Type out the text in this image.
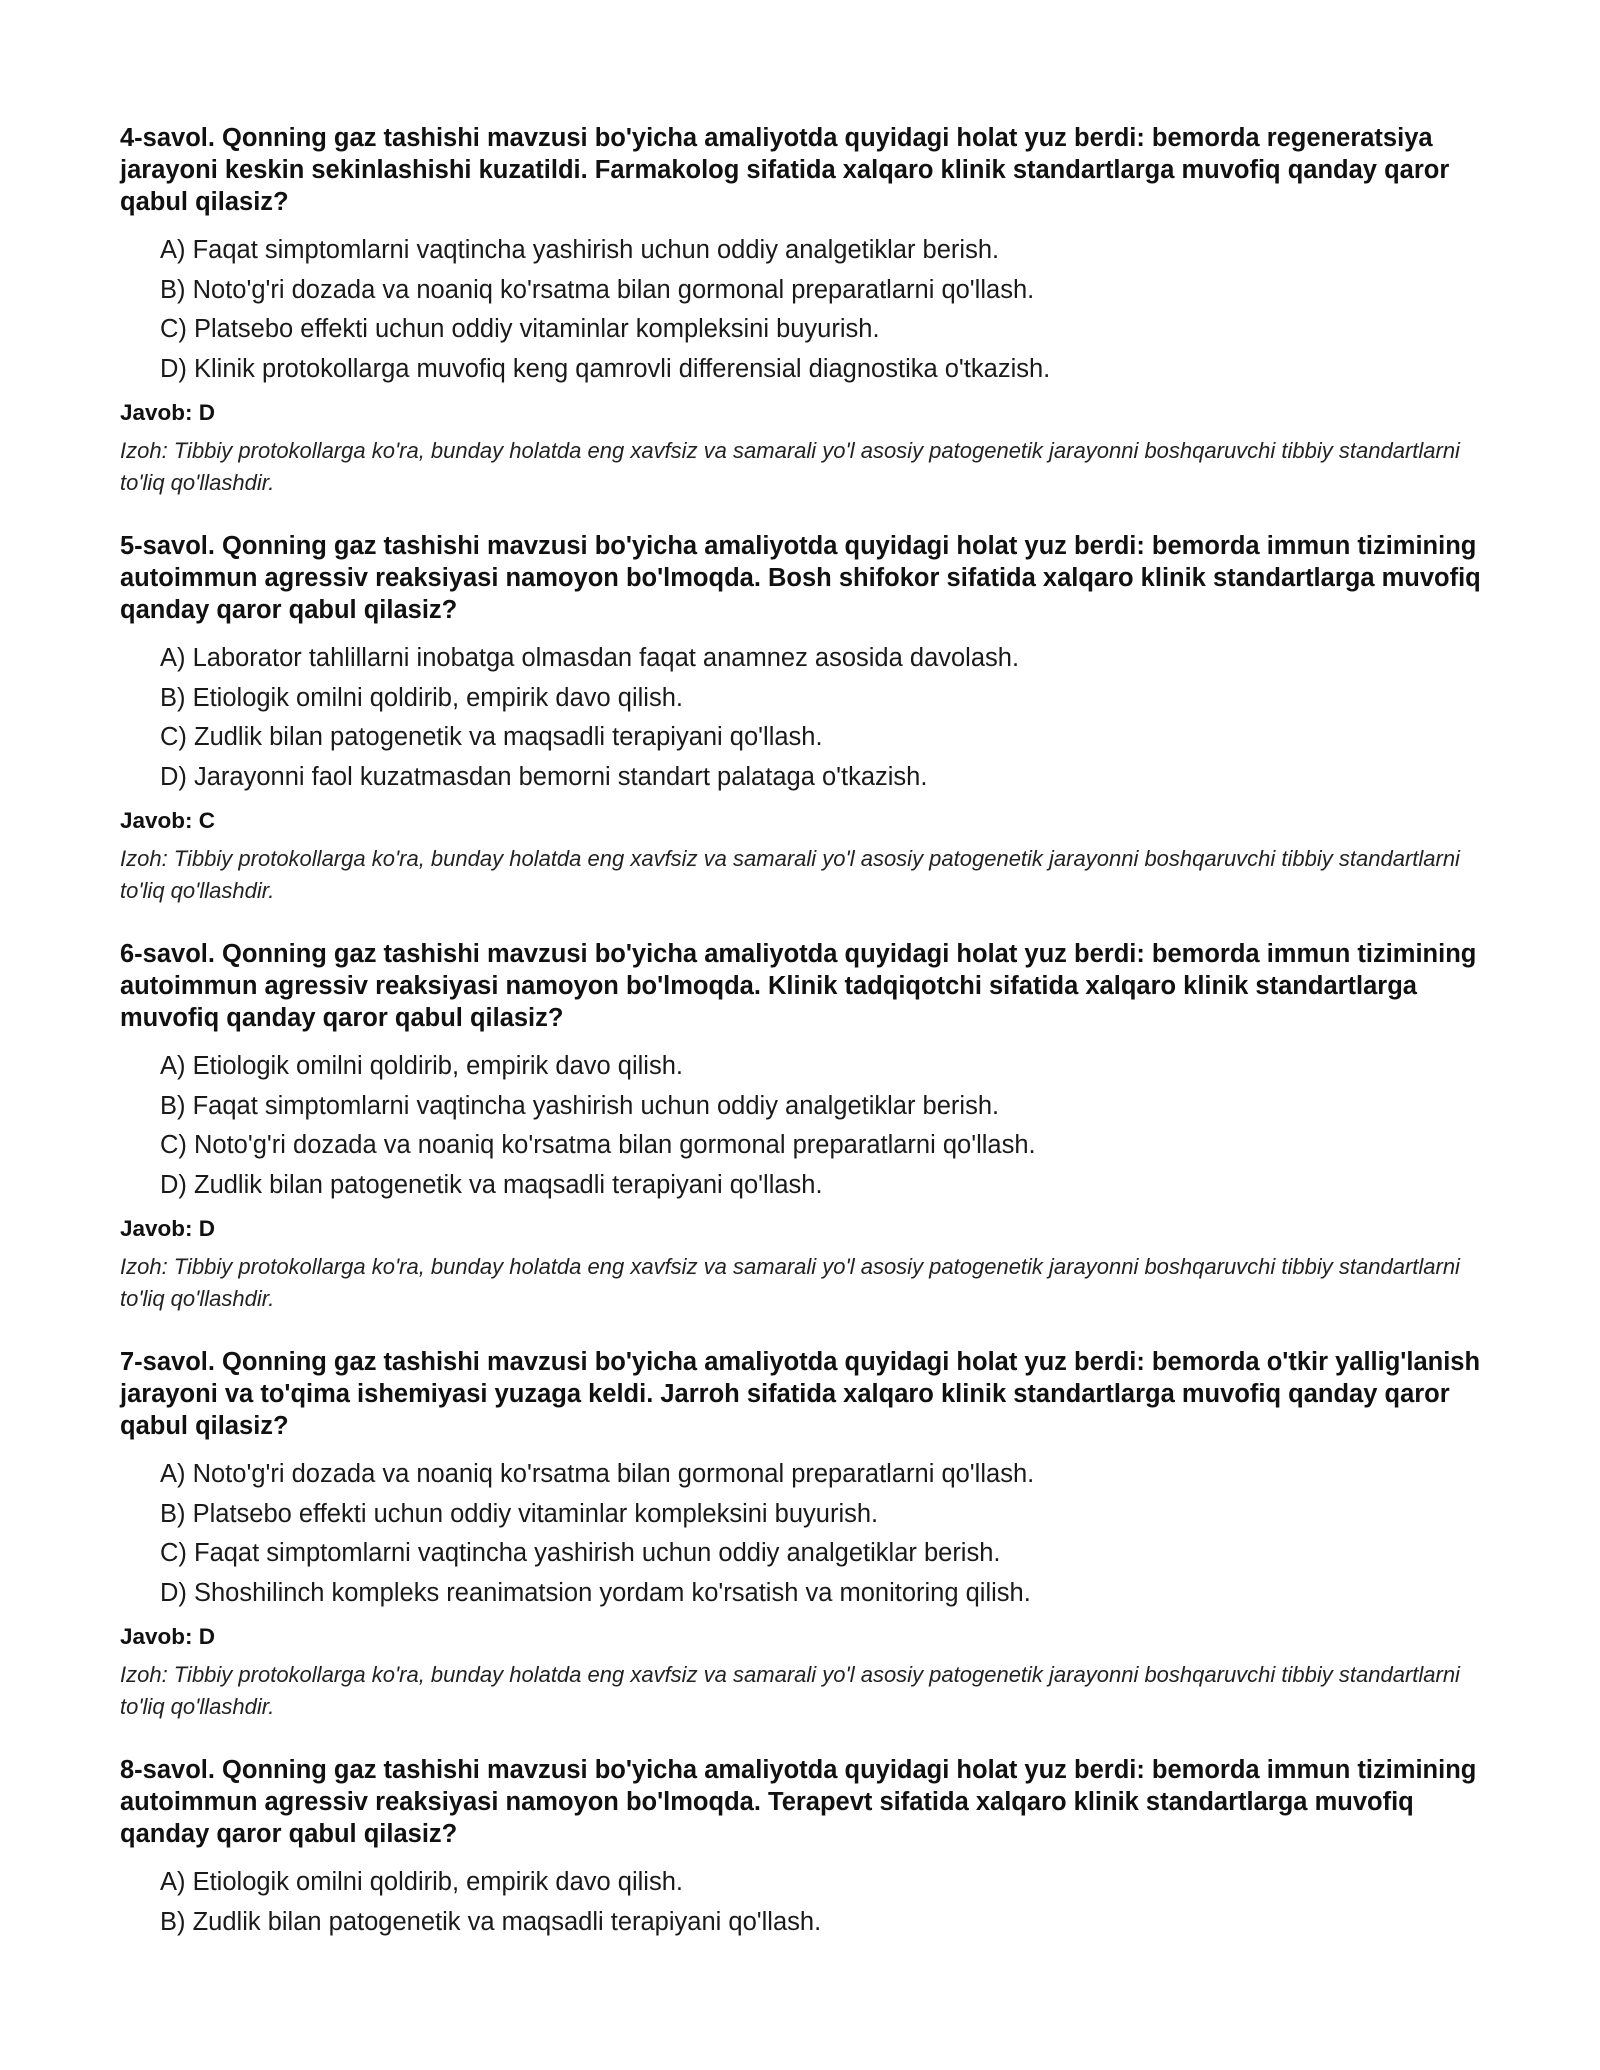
4-savol. Qonning gaz tashishi mavzusi bo'yicha amaliyotda quyidagi holat yuz berdi: bemorda regeneratsiya jarayoni keskin sekinlashishi kuzatildi. Farmakolog sifatida xalqaro klinik standartlarga muvofiq qanday qaror qabul qilasiz?

A) Faqat simptomlarni vaqtincha yashirish uchun oddiy analgetiklar berish.
B) Noto'g'ri dozada va noaniq ko'rsatma bilan gormonal preparatlarni qo'llash.
C) Platsebo effekti uchun oddiy vitaminlar kompleksini buyurish.
D) Klinik protokollarga muvofiq keng qamrovli differensial diagnostika o'tkazish.
Javob: D
Izoh: Tibbiy protokollarga ko'ra, bunday holatda eng xavfsiz va samarali yo'l asosiy patogenetik jarayonni boshqaruvchi tibbiy standartlarni to'liq qo'llashdir.

5-savol. Qonning gaz tashishi mavzusi bo'yicha amaliyotda quyidagi holat yuz berdi: bemorda immun tizimining autoimmun agressiv reaksiyasi namoyon bo'lmoqda. Bosh shifokor sifatida xalqaro klinik standartlarga muvofiq qanday qaror qabul qilasiz?

A) Laborator tahlillarni inobatga olmasdan faqat anamnez asosida davolash.
B) Etiologik omilni qoldirib, empirik davo qilish.
C) Zudlik bilan patogenetik va maqsadli terapiyani qo'llash.
D) Jarayonni faol kuzatmasdan bemorni standart palataga o'tkazish.
Javob: C
Izoh: Tibbiy protokollarga ko'ra, bunday holatda eng xavfsiz va samarali yo'l asosiy patogenetik jarayonni boshqaruvchi tibbiy standartlarni to'liq qo'llashdir.

6-savol. Qonning gaz tashishi mavzusi bo'yicha amaliyotda quyidagi holat yuz berdi: bemorda immun tizimining autoimmun agressiv reaksiyasi namoyon bo'lmoqda. Klinik tadqiqotchi sifatida xalqaro klinik standartlarga muvofiq qanday qaror qabul qilasiz?

A) Etiologik omilni qoldirib, empirik davo qilish.
B) Faqat simptomlarni vaqtincha yashirish uchun oddiy analgetiklar berish.
C) Noto'g'ri dozada va noaniq ko'rsatma bilan gormonal preparatlarni qo'llash.
D) Zudlik bilan patogenetik va maqsadli terapiyani qo'llash.
Javob: D
Izoh: Tibbiy protokollarga ko'ra, bunday holatda eng xavfsiz va samarali yo'l asosiy patogenetik jarayonni boshqaruvchi tibbiy standartlarni to'liq qo'llashdir.

7-savol. Qonning gaz tashishi mavzusi bo'yicha amaliyotda quyidagi holat yuz berdi: bemorda o'tkir yallig'lanish jarayoni va to'qima ishemiyasi yuzaga keldi. Jarroh sifatida xalqaro klinik standartlarga muvofiq qanday qaror qabul qilasiz?

A) Noto'g'ri dozada va noaniq ko'rsatma bilan gormonal preparatlarni qo'llash.
B) Platsebo effekti uchun oddiy vitaminlar kompleksini buyurish.
C) Faqat simptomlarni vaqtincha yashirish uchun oddiy analgetiklar berish.
D) Shoshilinch kompleks reanimatsion yordam ko'rsatish va monitoring qilish.
Javob: D
Izoh: Tibbiy protokollarga ko'ra, bunday holatda eng xavfsiz va samarali yo'l asosiy patogenetik jarayonni boshqaruvchi tibbiy standartlarni to'liq qo'llashdir.

8-savol. Qonning gaz tashishi mavzusi bo'yicha amaliyotda quyidagi holat yuz berdi: bemorda immun tizimining autoimmun agressiv reaksiyasi namoyon bo'lmoqda. Terapevt sifatida xalqaro klinik standartlarga muvofiq qanday qaror qabul qilasiz?

A) Etiologik omilni qoldirib, empirik davo qilish.
B) Zudlik bilan patogenetik va maqsadli terapiyani qo'llash.
